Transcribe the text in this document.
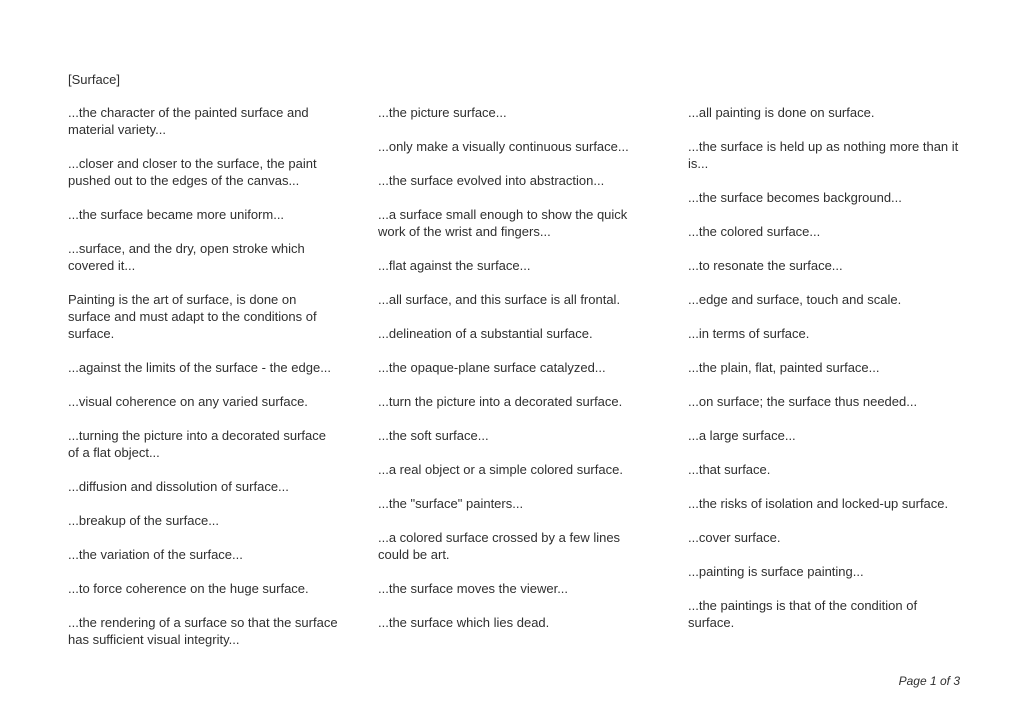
[Surface]

...the character of the painted surface and material variety...

...closer and closer to the surface, the paint pushed out to the edges of the canvas...

...the surface became more uniform...

...surface, and the dry, open stroke which covered it...

Painting is the art of surface, is done on surface and must adapt to the conditions of surface.

...against the limits of the surface - the edge...

...visual coherence on any varied surface.

...turning the picture into a decorated surface of a flat object...

...diffusion and dissolution of surface...

...breakup of the surface...

...the variation of the surface...

...to force coherence on the huge surface.

...the rendering of a surface so that the surface has sufficient visual integrity...

...the picture surface...

...only make a visually continuous surface...

...the surface evolved into abstraction...

...a surface small enough to show the quick work of the wrist and fingers...

...flat against the surface...

...all surface, and this surface is all frontal.

...delineation of a substantial surface.

...the opaque-plane surface catalyzed...

...turn the picture into a decorated surface.

...the soft surface...

...a real object or a simple colored surface.

...the "surface" painters...

...a colored surface crossed by a few lines could be art.

...the surface moves the viewer...

...the surface which lies dead.

...all painting is done on surface.

...the surface is held up as nothing more than it is...

...the surface becomes background...

...the colored surface...

...to resonate the surface...

...edge and surface, touch and scale.

...in terms of surface.

...the plain, flat, painted surface...

...on surface; the surface thus needed...

...a large surface...

...that surface.

...the risks of isolation and locked-up surface.

...cover surface.

...painting is surface painting...

...the paintings is that of the condition of surface.

Page 1 of 3
